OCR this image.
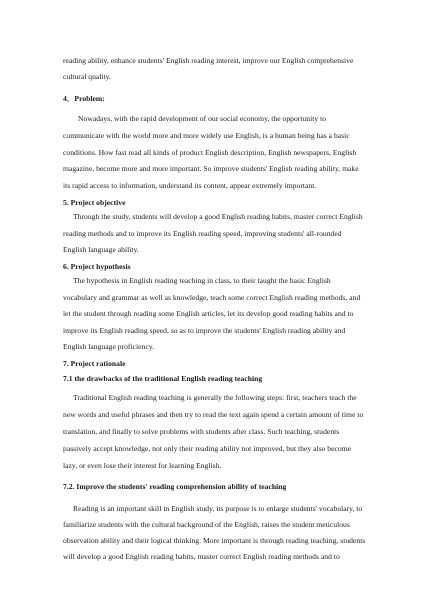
reading ability, enhance students' English reading interest, improve our English comprehensive
cultural quality.
4．Problem:
Nowadays, with the rapid development of our social economy, the opportunity to
communicate with the world more and more widely use English, is a human being has a basic
conditions. How fast read all kinds of product English description, English newspapers, English
magazine, become more and more important. So improve students' English reading ability, make
its rapid access to information, understand its content, appear extremely important.
5. Project objective
Through the study, students will develop a good English reading habits, master correct English
reading methods and to improve its English reading speed, improving students' all-rounded
English language ability.
6. Project hypothesis
The hypothesis in English reading teaching in class, to their taught the basic English
vocabulary and grammar as well as knowledge, teach some correct English reading methods, and
let the student through reading some English articles, let its develop good reading habits and to
improve its English reading speed, so as to improve the students' English reading ability and
English language proficiency.
7. Project rationale
7.1 the drawbacks of the traditional English reading teaching
Traditional English reading teaching is generally the following steps: first, teachers teach the
new words and useful phrases and then try to read the text again spend a certain amount of time to
translation, and finally to solve problems with students after class. Such teaching, students
passively accept knowledge, not only their reading ability not improved, but they also become
lazy, or even lose their interest for learning English.
7.2. Improve the students' reading comprehension ability of teaching
Reading is an important skill in English study, its purpose is to enlarge students' vocabulary, to
familiarize students with the cultural background of the English, raises the student meticulous
observation ability and their logical thinking. More important is through reading teaching, students
will develop a good English reading habits, master correct English reading methods and to
